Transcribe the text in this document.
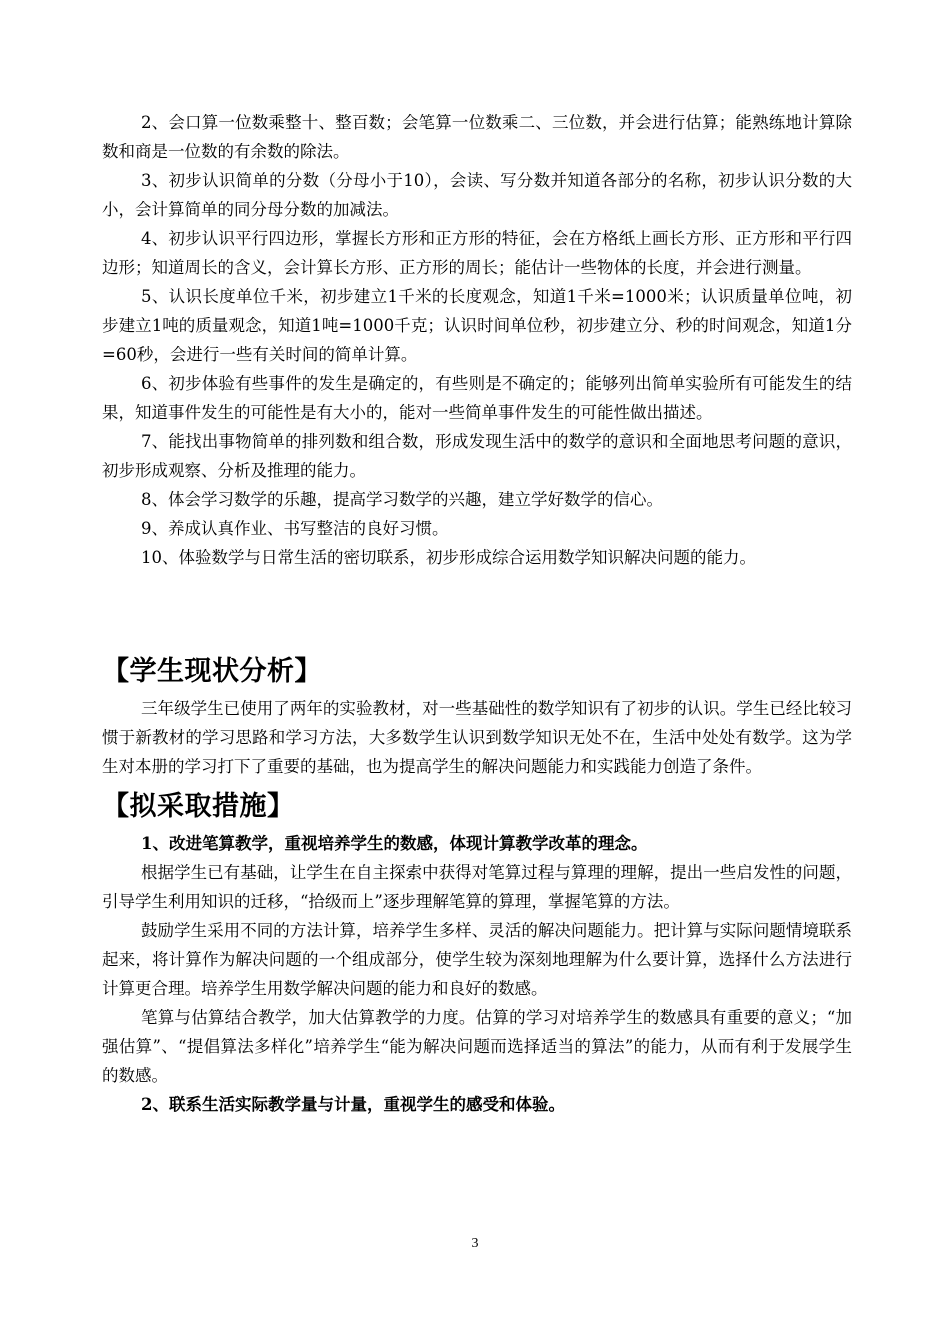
2、会口算一位数乘整十、整百数；会笔算一位数乘二、三位数，并会进行估算；能熟练地计算除数和商是一位数的有余数的除法。

3、初步认识简单的分数（分母小于10），会读、写分数并知道各部分的名称，初步认识分数的大小，会计算简单的同分母分数的加减法。

4、初步认识平行四边形，掌握长方形和正方形的特征，会在方格纸上画长方形、正方形和平行四边形；知道周长的含义，会计算长方形、正方形的周长；能估计一些物体的长度，并会进行测量。

5、认识长度单位千米，初步建立1千米的长度观念，知道1千米=1000米；认识质量单位吨，初步建立1吨的质量观念，知道1吨=1000千克；认识时间单位秒，初步建立分、秒的时间观念，知道1分=60秒，会进行一些有关时间的简单计算。

6、初步体验有些事件的发生是确定的，有些则是不确定的；能够列出简单实验所有可能发生的结果，知道事件发生的可能性是有大小的，能对一些简单事件发生的可能性做出描述。

7、能找出事物简单的排列数和组合数，形成发现生活中的数学的意识和全面地思考问题的意识，初步形成观察、分析及推理的能力。

8、体会学习数学的乐趣，提高学习数学的兴趣，建立学好数学的信心。

9、养成认真作业、书写整洁的良好习惯。

10、体验数学与日常生活的密切联系，初步形成综合运用数学知识解决问题的能力。

【学生现状分析】

三年级学生已使用了两年的实验教材，对一些基础性的数学知识有了初步的认识。学生已经比较习惯于新教材的学习思路和学习方法，大多数学生认识到数学知识无处不在，生活中处处有数学。这为学生对本册的学习打下了重要的基础，也为提高学生的解决问题能力和实践能力创造了条件。

【拟采取措施】

1、改进笔算教学，重视培养学生的数感，体现计算教学改革的理念。

根据学生已有基础，让学生在自主探索中获得对笔算过程与算理的理解，提出一些启发性的问题，引导学生利用知识的迁移，“拾级而上”逐步理解笔算的算理，掌握笔算的方法。

鼓励学生采用不同的方法计算，培养学生多样、灵活的解决问题能力。把计算与实际问题情境联系起来，将计算作为解决问题的一个组成部分，使学生较为深刻地理解为什么要计算，选择什么方法进行计算更合理。培养学生用数学解决问题的能力和良好的数感。

笔算与估算结合教学，加大估算教学的力度。估算的学习对培养学生的数感具有重要的意义；“加强估算”、“提倡算法多样化”培养学生“能为解决问题而选择适当的算法”的能力，从而有利于发展学生的数感。

2、联系生活实际教学量与计量，重视学生的感受和体验。

3
